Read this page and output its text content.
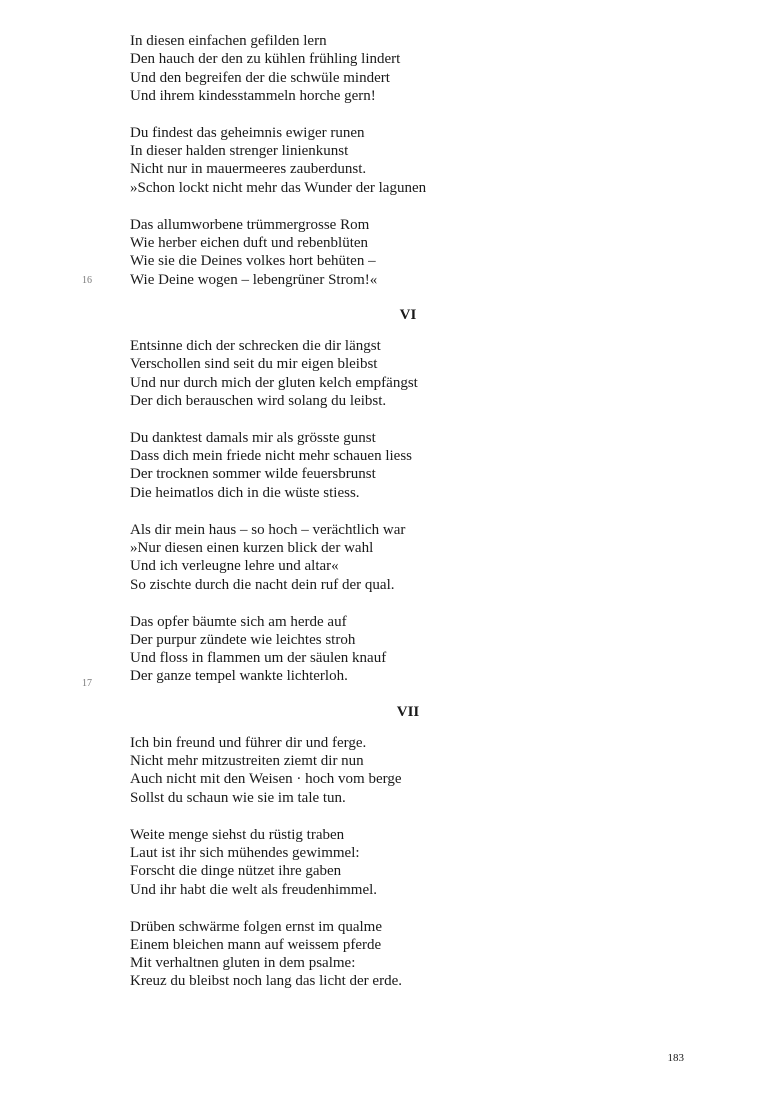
16
17
In diesen einfachen gefilden lern
Den hauch der den zu kühlen frühling lindert
Und den begreifen der die schwüle mindert
Und ihrem kindesstammeln horche gern!
Du findest das geheimnis ewiger runen
In dieser halden strenger linienkunst
Nicht nur in mauermeeres zauberdunst.
»Schon lockt nicht mehr das Wunder der lagunen
Das allumworbene trümmergrosse Rom
Wie herber eichen duft und rebenblüten
Wie sie die Deines volkes hort behüten –
Wie Deine wogen – lebengrüner Strom!«
VI
Entsinne dich der schrecken die dir längst
Verschollen sind seit du mir eigen bleibst
Und nur durch mich der gluten kelch empfängst
Der dich berauschen wird solang du leibst.
Du danktest damals mir als grösste gunst
Dass dich mein friede nicht mehr schauen liess
Der trocknen sommer wilde feuersbrunst
Die heimatlos dich in die wüste stiess.
Als dir mein haus – so hoch – verächtlich war
»Nur diesen einen kurzen blick der wahl
Und ich verleugne lehre und altar«
So zischte durch die nacht dein ruf der qual.
Das opfer bäumte sich am herde auf
Der purpur zündete wie leichtes stroh
Und floss in flammen um der säulen knauf
Der ganze tempel wankte lichterloh.
VII
Ich bin freund und führer dir und ferge.
Nicht mehr mitzustreiten ziemt dir nun
Auch nicht mit den Weisen · hoch vom berge
Sollst du schaun wie sie im tale tun.
Weite menge siehst du rüstig traben
Laut ist ihr sich mühendes gewimmel:
Forscht die dinge nützet ihre gaben
Und ihr habt die welt als freudenhimmel.
Drüben schwärme folgen ernst im qualme
Einem bleichen mann auf weissem pferde
Mit verhaltnen gluten in dem psalme:
Kreuz du bleibst noch lang das licht der erde.
183
